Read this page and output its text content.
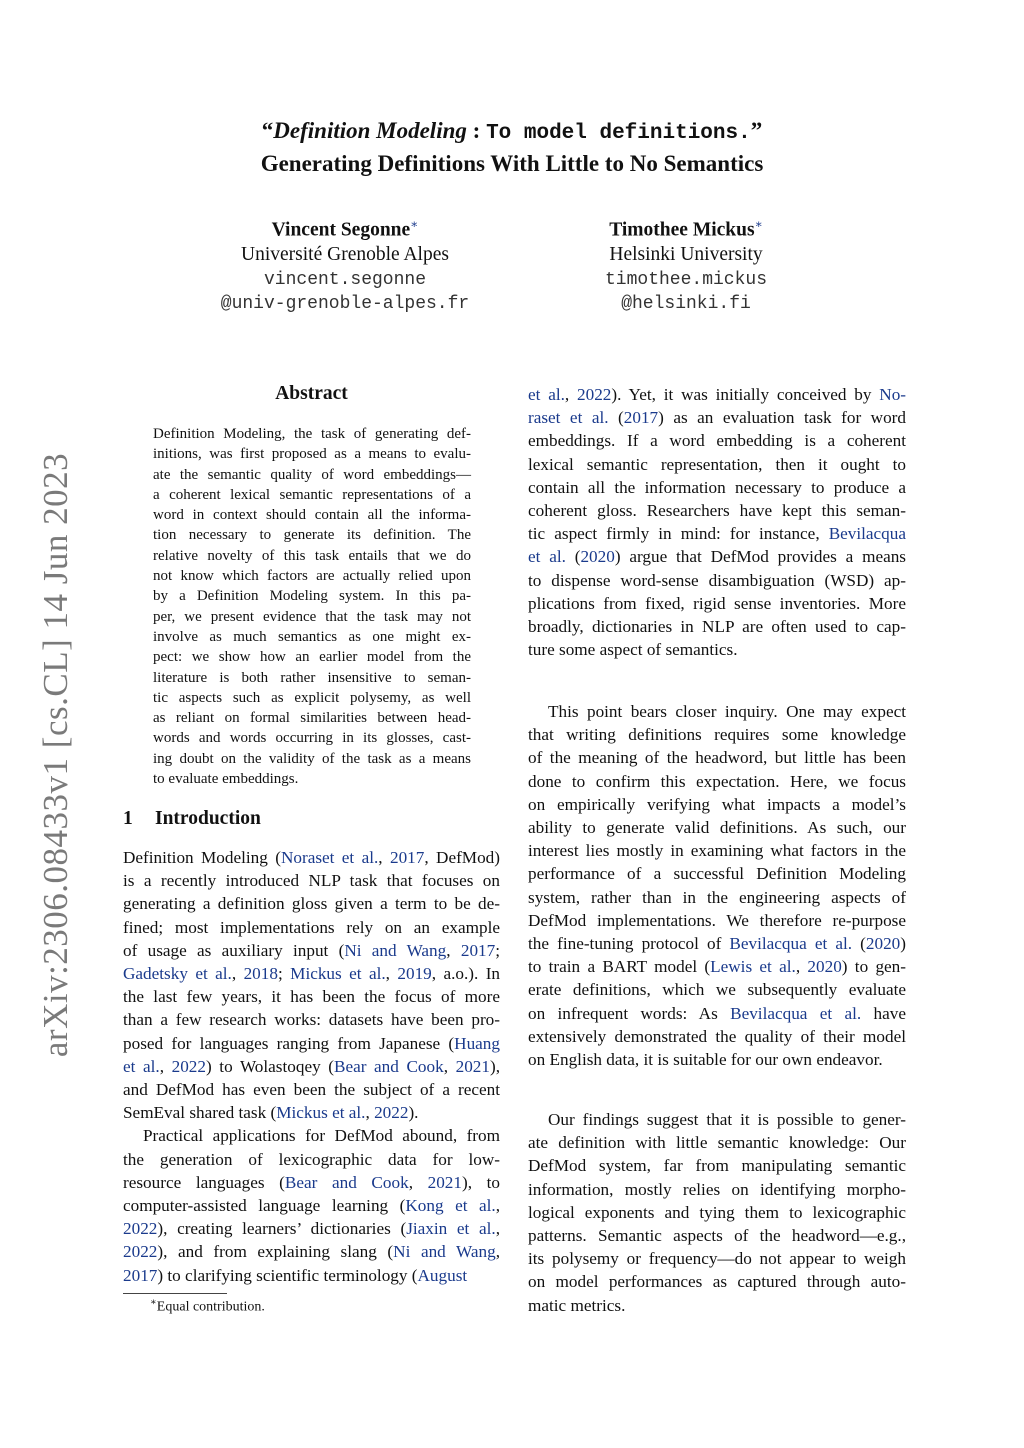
arXiv:2306.08433v1 [cs.CL] 14 Jun 2023
“Definition Modeling : To model definitions.”
Generating Definitions With Little to No Semantics
Vincent Segonne∗
Université Grenoble Alpes
vincent.segonne
@univ-grenoble-alpes.fr
Timothee Mickus∗
Helsinki University
timothee.mickus
@helsinki.fi
Abstract
Definition Modeling, the task of generating def-
initions, was first proposed as a means to evalu-
ate the semantic quality of word embeddings—
a coherent lexical semantic representations of a
word in context should contain all the informa-
tion necessary to generate its definition. The
relative novelty of this task entails that we do
not know which factors are actually relied upon
by a Definition Modeling system. In this pa-
per, we present evidence that the task may not
involve as much semantics as one might ex-
pect: we show how an earlier model from the
literature is both rather insensitive to seman-
tic aspects such as explicit polysemy, as well
as reliant on formal similarities between head-
words and words occurring in its glosses, cast-
ing doubt on the validity of the task as a means
to evaluate embeddings.
1 Introduction
Definition Modeling (Noraset et al., 2017, DefMod)
is a recently introduced NLP task that focuses on
generating a definition gloss given a term to be de-
fined; most implementations rely on an example
of usage as auxiliary input (Ni and Wang, 2017;
Gadetsky et al., 2018; Mickus et al., 2019, a.o.). In
the last few years, it has been the focus of more
than a few research works: datasets have been pro-
posed for languages ranging from Japanese (Huang
et al., 2022) to Wolastoqey (Bear and Cook, 2021),
and DefMod has even been the subject of a recent
SemEval shared task (Mickus et al., 2022).
Practical applications for DefMod abound, from
the generation of lexicographic data for low-
resource languages (Bear and Cook, 2021), to
computer-assisted language learning (Kong et al.,
2022), creating learners’ dictionaries (Jiaxin et al.,
2022), and from explaining slang (Ni and Wang,
2017) to clarifying scientific terminology (August
et al., 2022). Yet, it was initially conceived by No-
raset et al. (2017) as an evaluation task for word
embeddings. If a word embedding is a coherent
lexical semantic representation, then it ought to
contain all the information necessary to produce a
coherent gloss. Researchers have kept this seman-
tic aspect firmly in mind: for instance, Bevilacqua
et al. (2020) argue that DefMod provides a means
to dispense word-sense disambiguation (WSD) ap-
plications from fixed, rigid sense inventories. More
broadly, dictionaries in NLP are often used to cap-
ture some aspect of semantics.
This point bears closer inquiry. One may expect
that writing definitions requires some knowledge
of the meaning of the headword, but little has been
done to confirm this expectation. Here, we focus
on empirically verifying what impacts a model’s
ability to generate valid definitions. As such, our
interest lies mostly in examining what factors in the
performance of a successful Definition Modeling
system, rather than in the engineering aspects of
DefMod implementations. We therefore re-purpose
the fine-tuning protocol of Bevilacqua et al. (2020)
to train a BART model (Lewis et al., 2020) to gen-
erate definitions, which we subsequently evaluate
on infrequent words: As Bevilacqua et al. have
extensively demonstrated the quality of their model
on English data, it is suitable for our own endeavor.
Our findings suggest that it is possible to gener-
ate definition with little semantic knowledge: Our
DefMod system, far from manipulating semantic
information, mostly relies on identifying morpho-
logical exponents and tying them to lexicographic
patterns. Semantic aspects of the headword—e.g.,
its polysemy or frequency—do not appear to weigh
on model performances as captured through auto-
matic metrics.
∗Equal contribution.
